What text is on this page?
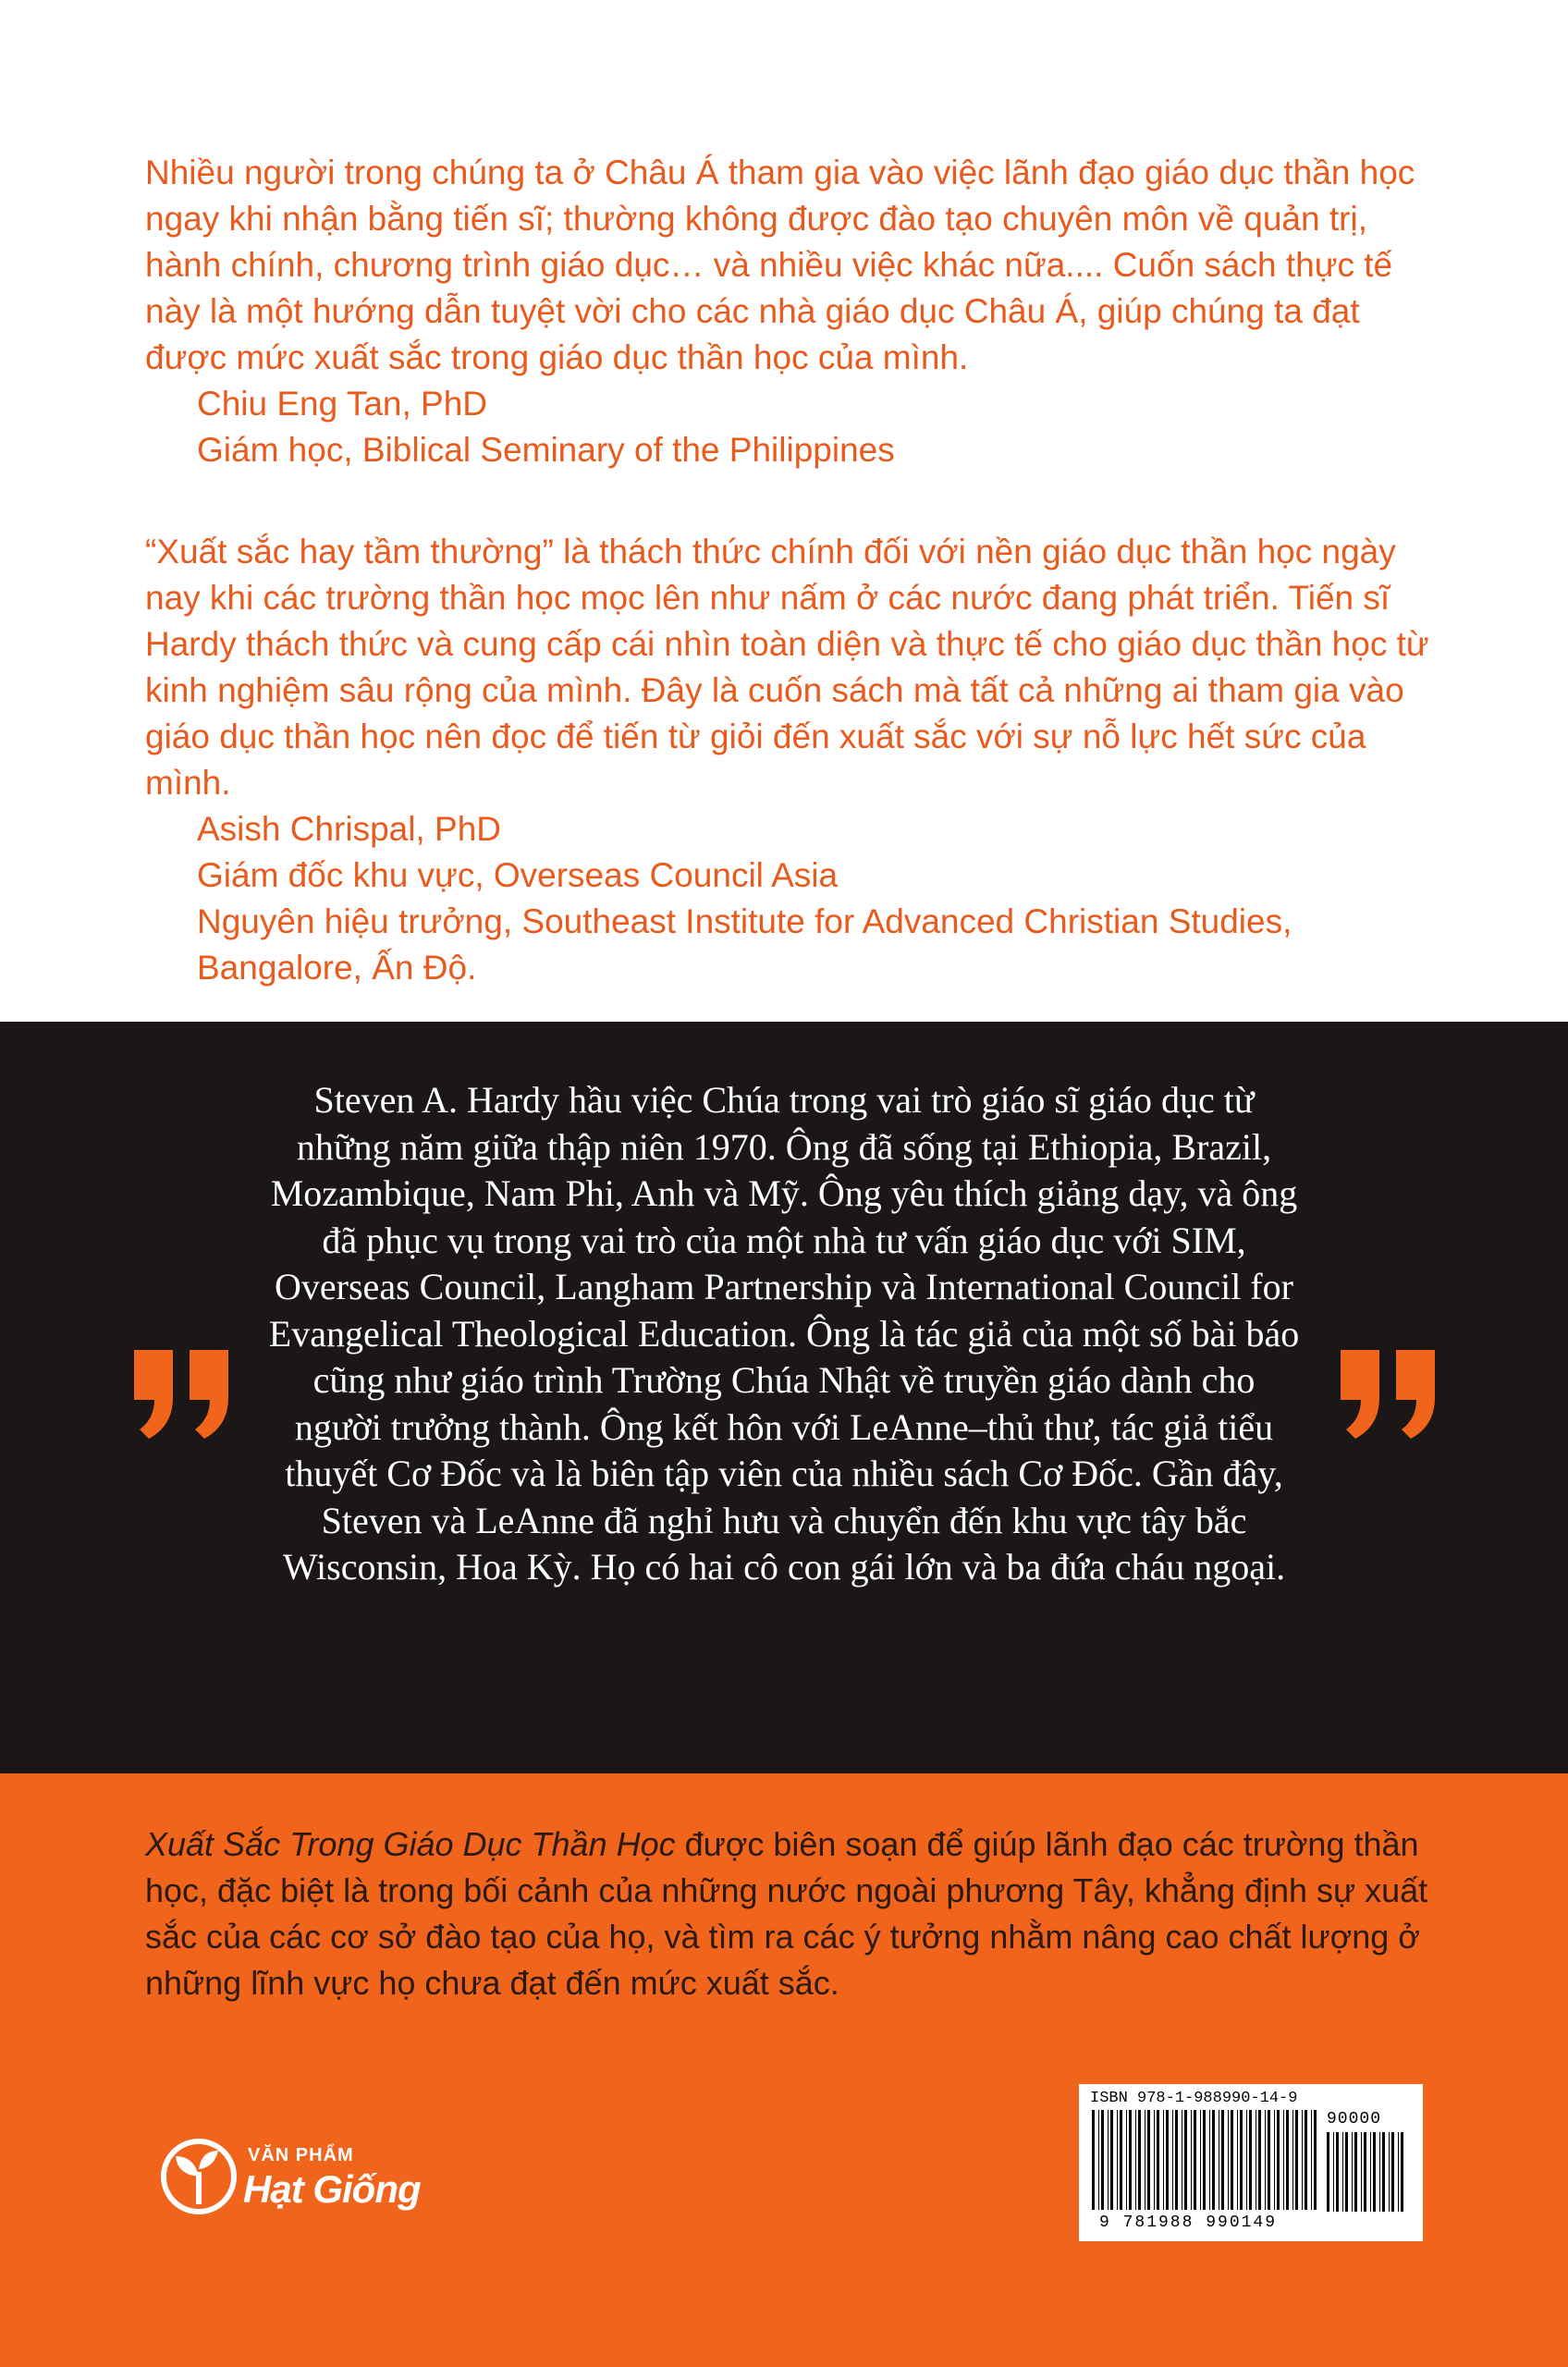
Nhiều người trong chúng ta ở Châu Á tham gia vào việc lãnh đạo giáo dục thần học ngay khi nhận bằng tiến sĩ; thường không được đào tạo chuyên môn về quản trị, hành chính, chương trình giáo dục… và nhiều việc khác nữa.... Cuốn sách thực tế này là một hướng dẫn tuyệt vời cho các nhà giáo dục Châu Á, giúp chúng ta đạt được mức xuất sắc trong giáo dục thần học của mình.

Chiu Eng Tan, PhD

Giám học, Biblical Seminary of the Philippines

“Xuất sắc hay tầm thường” là thách thức chính đối với nền giáo dục thần học ngày nay khi các trường thần học mọc lên như nấm ở các nước đang phát triển. Tiến sĩ Hardy thách thức và cung cấp cái nhìn toàn diện và thực tế cho giáo dục thần học từ kinh nghiệm sâu rộng của mình. Đây là cuốn sách mà tất cả những ai tham gia vào giáo dục thần học nên đọc để tiến từ giỏi đến xuất sắc với sự nỗ lực hết sức của mình.

Asish Chrispal, PhD

Giám đốc khu vực, Overseas Council Asia

Nguyên hiệu trưởng, Southeast Institute for Advanced Christian Studies, Bangalore, Ấn Độ.

Steven A. Hardy hầu việc Chúa trong vai trò giáo sĩ giáo dục từ những năm giữa thập niên 1970. Ông đã sống tại Ethiopia, Brazil, Mozambique, Nam Phi, Anh và Mỹ. Ông yêu thích giảng dạy, và ông đã phục vụ trong vai trò của một nhà tư vấn giáo dục với SIM, Overseas Council, Langham Partnership và International Council for Evangelical Theological Education. Ông là tác giả của một số bài báo cũng như giáo trình Trường Chúa Nhật về truyền giáo dành cho người trưởng thành. Ông kết hôn với LeAnne–thủ thư, tác giả tiểu thuyết Cơ Đốc và là biên tập viên của nhiều sách Cơ Đốc. Gần đây, Steven và LeAnne đã nghỉ hưu và chuyển đến khu vực tây bắc Wisconsin, Hoa Kỳ. Họ có hai cô con gái lớn và ba đứa cháu ngoại.
Xuất Sắc Trong Giáo Dục Thần Học được biên soạn để giúp lãnh đạo các trường thần học, đặc biệt là trong bối cảnh của những nước ngoài phương Tây, khẳng định sự xuất sắc của các cơ sở đào tạo của họ, và tìm ra các ý tưởng nhằm nâng cao chất lượng ở những lĩnh vực họ chưa đạt đến mức xuất sắc.
VĂN PHẨM
Hạt Giống
ISBN 978-1-988990-14-9
90000
9 781988 990149
